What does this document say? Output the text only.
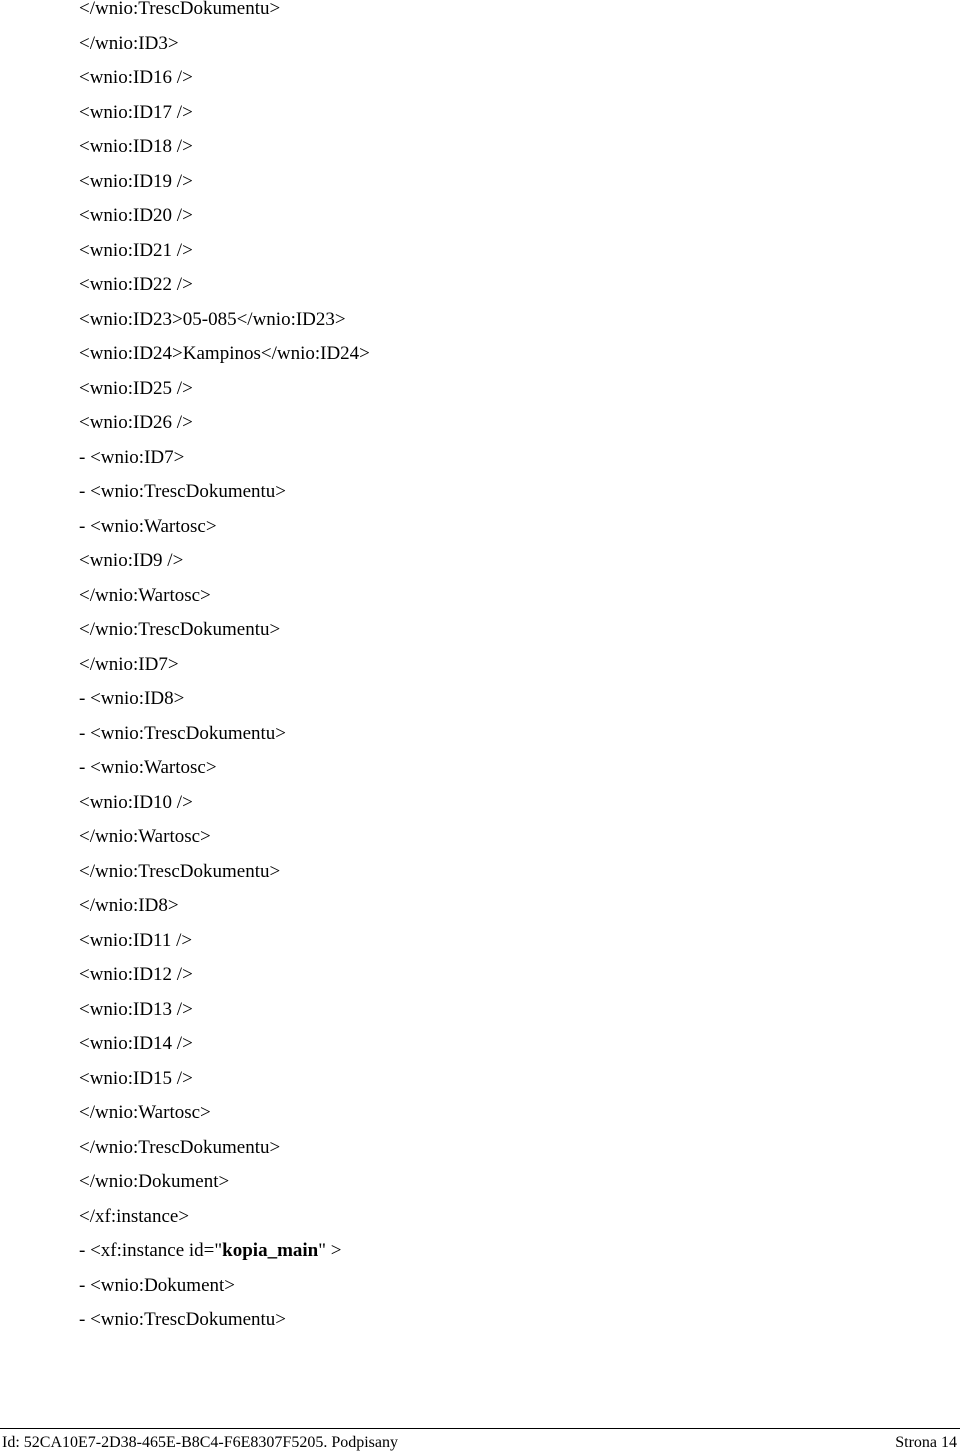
</wnio:TrescDokumentu>
</wnio:ID3>
<wnio:ID16 />
<wnio:ID17 />
<wnio:ID18 />
<wnio:ID19 />
<wnio:ID20 />
<wnio:ID21 />
<wnio:ID22 />
<wnio:ID23>05-085</wnio:ID23>
<wnio:ID24>Kampinos</wnio:ID24>
<wnio:ID25 />
<wnio:ID26 />
- <wnio:ID7>
- <wnio:TrescDokumentu>
- <wnio:Wartosc>
<wnio:ID9 />
</wnio:Wartosc>
</wnio:TrescDokumentu>
</wnio:ID7>
- <wnio:ID8>
- <wnio:TrescDokumentu>
- <wnio:Wartosc>
<wnio:ID10 />
</wnio:Wartosc>
</wnio:TrescDokumentu>
</wnio:ID8>
<wnio:ID11 />
<wnio:ID12 />
<wnio:ID13 />
<wnio:ID14 />
<wnio:ID15 />
</wnio:Wartosc>
</wnio:TrescDokumentu>
</wnio:Dokument>
</xf:instance>
- <xf:instance id="kopia_main" >
- <wnio:Dokument>
- <wnio:TrescDokumentu>
Id: 52CA10E7-2D38-465E-B8C4-F6E8307F5205. Podpisany	Strona 14
